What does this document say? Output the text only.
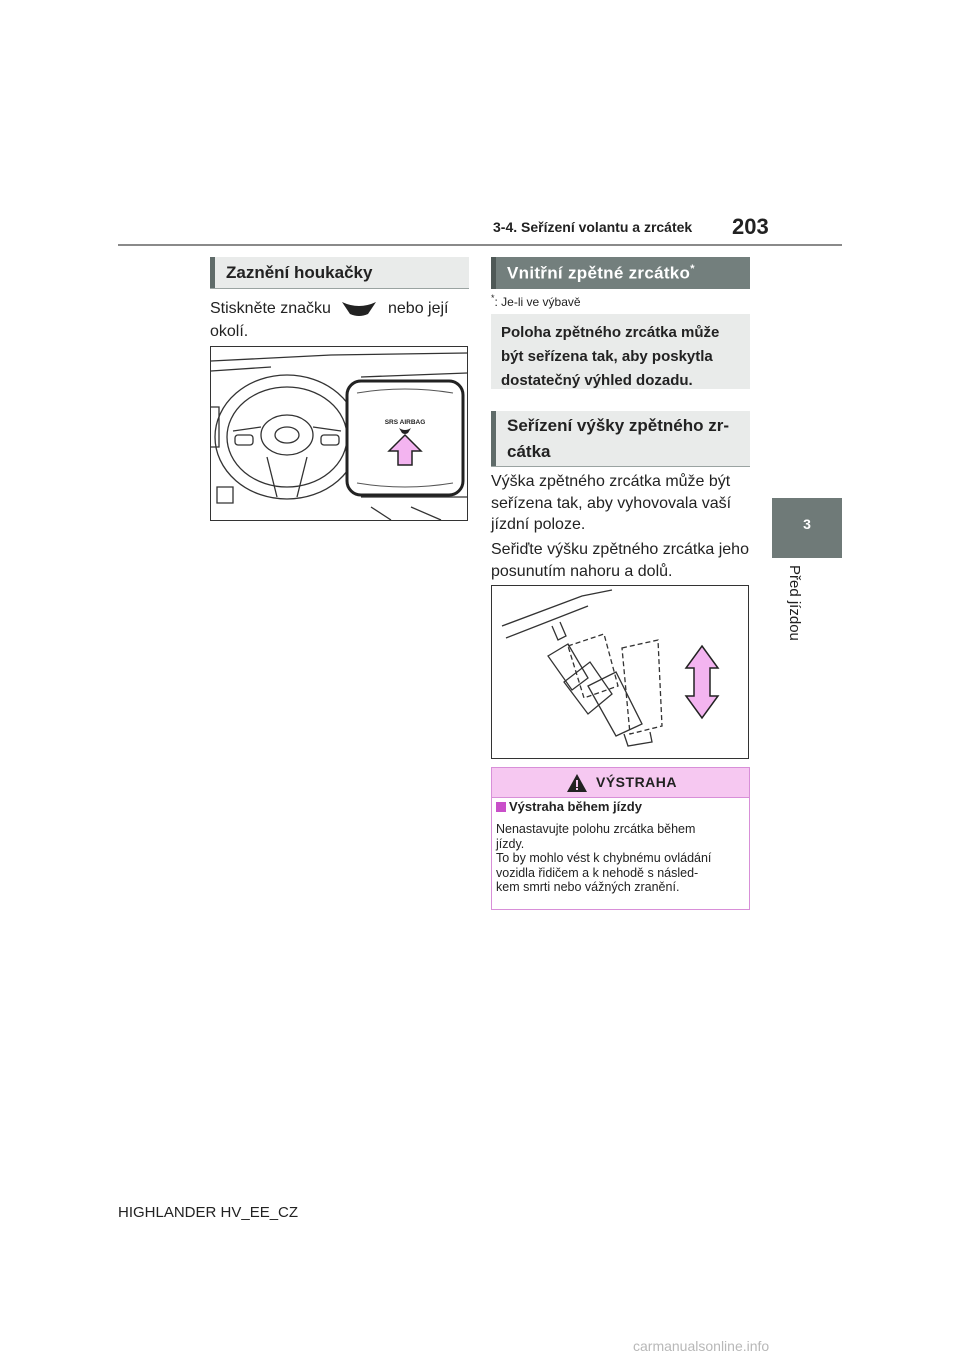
3-4. Seřízení volantu a zrcátek 203
3
Před jízdou
Zaznění houkačky
Stiskněte značku	nebo její
okolí.
SRS AIRBAG
Vnitřní zpětné zrcátko*
*: Je-li ve výbavě
Poloha zpětného zrcátka může
být seřízena tak, aby poskytla
dostatečný výhled dozadu.
Seřízení výšky zpětného zr-
cátka
Výška zpětného zrcátka může být
seřízena tak, aby vyhovovala vaší
jízdní poloze.
Seřiďte výšku zpětného zrcátka jeho
posunutím nahoru a dolů.
VÝSTRAHA
Výstraha během jízdy
Nenastavujte polohu zrcátka během
jízdy.
To by mohlo vést k chybnému ovládání
vozidla řidičem a k nehodě s násled-
kem smrti nebo vážných zranění.
HIGHLANDER HV_EE_CZ
carmanualsonline.info
